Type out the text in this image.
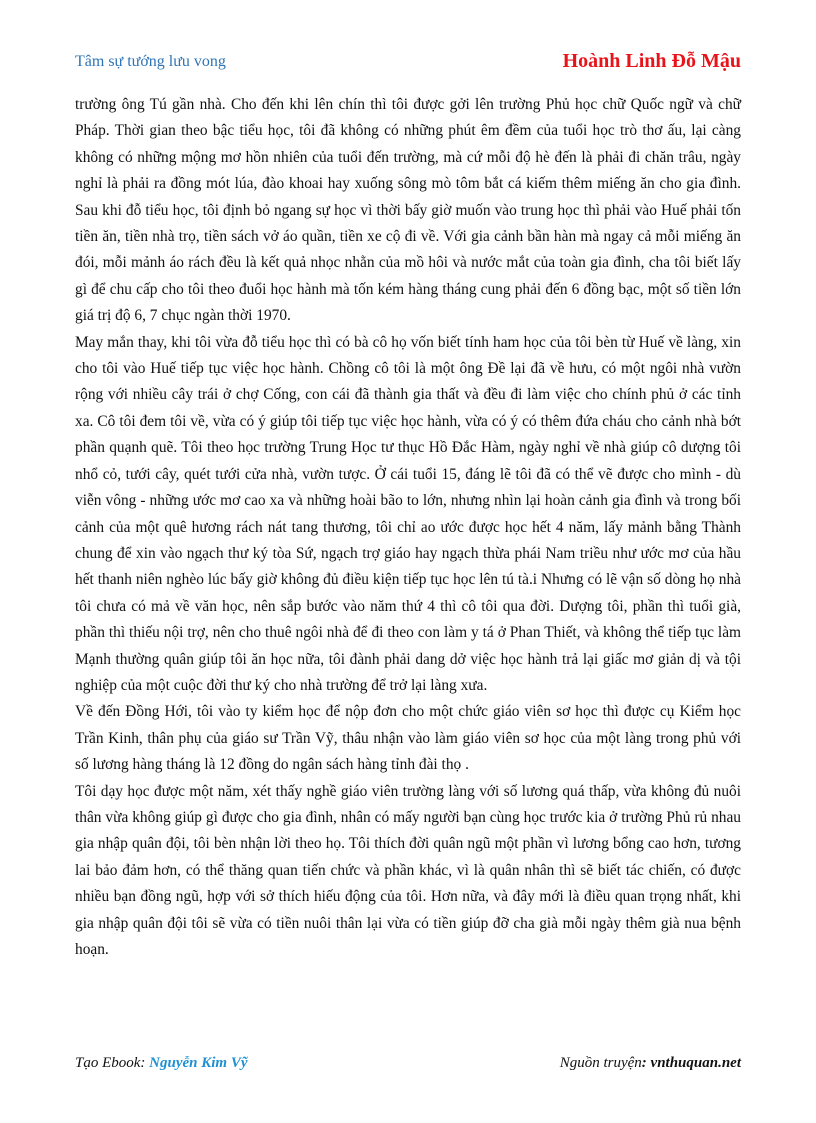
Tâm sự tướng lưu vong	Hoành Linh Đỗ Mậu

trường ông Tú gần nhà. Cho đến khi lên chín thì tôi được gởi lên trường Phủ học chữ Quốc ngữ và chữ Pháp. Thời gian theo bậc tiểu học, tôi đã không có những phút êm đềm của tuổi học trò thơ ấu, lại càng không có những mộng mơ hồn nhiên của tuổi đến trường, mà cứ mỗi độ hè đến là phải đi chăn trâu, ngày nghỉ là phải ra đồng mót lúa, đào khoai hay xuống sông mò tôm bắt cá kiếm thêm miếng ăn cho gia đình. Sau khi đỗ tiểu học, tôi định bỏ ngang sự học vì thời bấy giờ muốn vào trung học thì phải vào Huế phải tốn tiền ăn, tiền nhà trọ, tiền sách vở áo quần, tiền xe cộ đi về. Với gia cảnh bần hàn mà ngay cả mỗi miếng ăn đói, mỗi mảnh áo rách đều là kết quả nhọc nhằn của mồ hôi và nước mắt của toàn gia đình, cha tôi biết lấy gì để chu cấp cho tôi theo đuổi học hành mà tốn kém hàng tháng cung phải đến 6 đồng bạc, một số tiền lớn giá trị độ 6, 7 chục ngàn thời 1970.

May mắn thay, khi tôi vừa đỗ tiểu học thì có bà cô họ vốn biết tính ham học của tôi bèn từ Huế về làng, xin cho tôi vào Huế tiếp tục việc học hành. Chồng cô tôi là một ông Đề lại đã về hưu, có một ngôi nhà vườn rộng với nhiều cây trái ở chợ Cống, con cái đã thành gia thất và đều đi làm việc cho chính phủ ở các tỉnh xa. Cô tôi đem tôi về, vừa có ý giúp tôi tiếp tục việc học hành, vừa có ý có thêm đứa cháu cho cảnh nhà bớt phần quạnh quẽ. Tôi theo học trường Trung Học tư thục Hồ Đắc Hàm, ngày nghỉ về nhà giúp cô dượng tôi nhổ cỏ, tưới cây, quét tưới cửa nhà, vườn tược. Ở cái tuổi 15, đáng lẽ tôi đã có thể vẽ được cho mình - dù viễn vông - những ước mơ cao xa và những hoài bão to lớn, nhưng nhìn lại hoàn cảnh gia đình và trong bối cảnh của một quê hương rách nát tang thương, tôi chỉ ao ước được học hết 4 năm, lấy mảnh bằng Thành chung để xin vào ngạch thư ký tòa Sứ, ngạch trợ giáo hay ngạch thừa phái Nam triều như ước mơ của hầu hết thanh niên nghèo lúc bấy giờ không đủ điều kiện tiếp tục học lên tú tà.i Nhưng có lẽ vận số dòng họ nhà tôi chưa có mả về văn học, nên sắp bước vào năm thứ 4 thì cô tôi qua đời. Dượng tôi, phần thì tuổi già, phần thì thiếu nội trợ, nên cho thuê ngôi nhà để đi theo con làm y tá ở Phan Thiết, và không thể tiếp tục làm Mạnh thường quân giúp tôi ăn học nữa, tôi đành phải dang dở việc học hành trả lại giấc mơ giản dị và tội nghiệp của một cuộc đời thư ký cho nhà trường để trở lại làng xưa.

Về đến Đồng Hới, tôi vào ty kiểm học để nộp đơn cho một chức giáo viên sơ học thì được cụ Kiểm học Trần Kinh, thân phụ của giáo sư Trần Vỹ, thâu nhận vào làm giáo viên sơ học của một làng trong phủ với số lương hàng tháng là 12 đồng do ngân sách hàng tỉnh đài thọ .

Tôi dạy học được một năm, xét thấy nghề giáo viên trường làng với số lương quá thấp, vừa không đủ nuôi thân vừa không giúp gì được cho gia đình, nhân có mấy người bạn cùng học trước kia ở trường Phủ rủ nhau gia nhập quân đội, tôi bèn nhận lời theo họ. Tôi thích đời quân ngũ một phần vì lương bổng cao hơn, tương lai bảo đảm hơn, có thể thăng quan tiến chức và phần khác, vì là quân nhân thì sẽ biết tác chiến, có được nhiều bạn đồng ngũ, hợp với sở thích hiếu động của tôi. Hơn nữa, và đây mới là điều quan trọng nhất, khi gia nhập quân đội tôi sẽ vừa có tiền nuôi thân lại vừa có tiền giúp đỡ cha già mỗi ngày thêm già nua bệnh hoạn.

Tạo Ebook: Nguyễn Kim Vỹ	Nguồn truyện: vnthuquan.net
